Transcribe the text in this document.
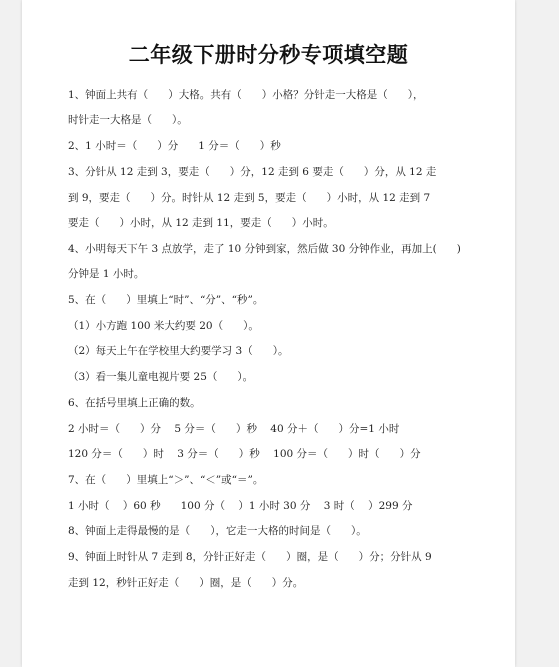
二年级下册时分秒专项填空题
1、钟面上共有（      ）大格。共有（      ）小格？分针走一大格是（      ），
时针走一大格是（      ）。
2、1 小时＝（      ）分      1 分＝（      ）秒
3、分针从 12 走到 3，要走（      ）分，12 走到 6 要走（      ）分，从 12 走
到 9，要走（      ）分。时针从 12 走到 5，要走（      ）小时，从 12 走到 7
要走（      ）小时，从 12 走到 11，要走（      ）小时。
4、小明每天下午 3 点放学，走了 10 分钟到家，然后做 30 分钟作业，再加上(      )
分钟是 1 小时。
5、在（      ）里填上“时”、“分”、“秒”。
（1）小方跑 100 米大约要 20（      ）。
（2）每天上午在学校里大约要学习 3（      ）。
（3）看一集儿童电视片要 25（      ）。
6、在括号里填上正确的数。
2 小时＝（      ）分    5 分＝（      ）秒    40 分＋（      ）分=1 小时
120 分＝（      ）时    3 分＝（      ）秒    100 分＝（      ）时（      ）分
7、在（      ）里填上“＞”、“＜”或“＝”。
1 小时（    ）60 秒      100 分（    ）1 小时 30 分    3 时（    ）299 分
8、钟面上走得最慢的是（      ），它走一大格的时间是（      ）。
9、钟面上时针从 7 走到 8，分针正好走（      ）圈，是（      ）分；分针从 9
走到 12，秒针正好走（      ）圈，是（      ）分。
